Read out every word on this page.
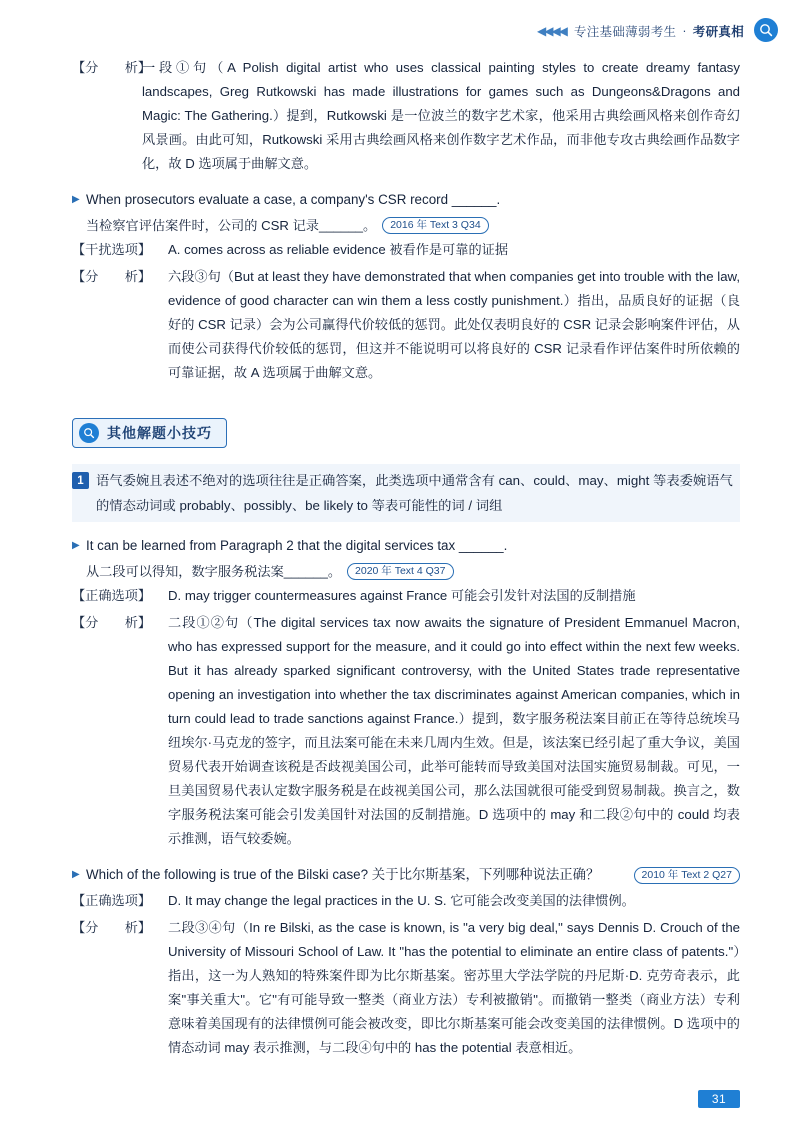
◀◀◀◀ 专注基础薄弱考生 · 考研真相
【分　　析】
一段①句（A Polish digital artist who uses classical painting styles to create dreamy fantasy landscapes, Greg Rutkowski has made illustrations for games such as Dungeons&Dragons and Magic: The Gathering.）提到，Rutkowski 是一位波兰的数字艺术家，他采用古典绘画风格来创作奇幻风景画。由此可知，Rutkowski 采用古典绘画风格来创作数字艺术作品，而非他专攻古典绘画作品数字化，故 D 选项属于曲解文意。
▶ When prosecutors evaluate a case, a company's CSR record ______.
当检察官评估案件时，公司的 CSR 记录______。	2016 年 Text 3 Q34
【干扰选项】	A. comes across as reliable evidence 被看作是可靠的证据
【分　　析】	六段③句（But at least they have demonstrated that when companies get into trouble with the law, evidence of good character can win them a less costly punishment.）指出，品质良好的证据（良好的 CSR 记录）会为公司赢得代价较低的惩罚。此处仅表明良好的 CSR 记录会影响案件评估，从而使公司获得代价较低的惩罚，但这并不能说明可以将良好的 CSR 记录看作评估案件时所依赖的可靠证据，故 A 选项属于曲解文意。
其他解题小技巧
1 语气委婉且表述不绝对的选项往往是正确答案，此类选项中通常含有 can、could、may、might 等表委婉语气的情态动词或 probably、possibly、be likely to 等表可能性的词 / 词组
▶ It can be learned from Paragraph 2 that the digital services tax ______.
从二段可以得知，数字服务税法案______。	2020 年 Text 4 Q37
【正确选项】	D. may trigger countermeasures against France 可能会引发针对法国的反制措施
【分　　析】	二段①②句（The digital services tax now awaits the signature of President Emmanuel Macron, who has expressed support for the measure, and it could go into effect within the next few weeks. But it has already sparked significant controversy, with the United States trade representative opening an investigation into whether the tax discriminates against American companies, which in turn could lead to trade sanctions against France.）提到，数字服务税法案目前正在等待总统埃马纽埃尔·马克龙的签字，而且法案可能在未来几周内生效。但是，该法案已经引起了重大争议，美国贸易代表开始调查该税是否歧视美国公司，此举可能转而导致美国对法国实施贸易制裁。可见，一旦美国贸易代表认定数字服务税是在歧视美国公司，那么法国就很可能受到贸易制裁。换言之，数字服务税法案可能会引发美国针对法国的反制措施。D 选项中的 may 和二段②句中的 could 均表示推测，语气较委婉。
▶ Which of the following is true of the Bilski case? 关于比尔斯基案，下列哪种说法正确？	2010 年 Text 2 Q27
【正确选项】	D. It may change the legal practices in the U. S. 它可能会改变美国的法律惯例。
【分　　析】	二段③④句（In re Bilski, as the case is known, is "a very big deal," says Dennis D. Crouch of the University of Missouri School of Law. It "has the potential to eliminate an entire class of patents."）指出，这一为人熟知的特殊案件即为比尔斯基案。密苏里大学法学院的丹尼斯·D. 克劳奇表示，此案"事关重大"。它"有可能导致一整类（商业方法）专利被撤销"。而撤销一整类（商业方法）专利意味着美国现有的法律惯例可能会被改变，即比尔斯基案可能会改变美国的法律惯例。D 选项中的情态动词 may 表示推测，与二段④句中的 has the potential 表意相近。
31
